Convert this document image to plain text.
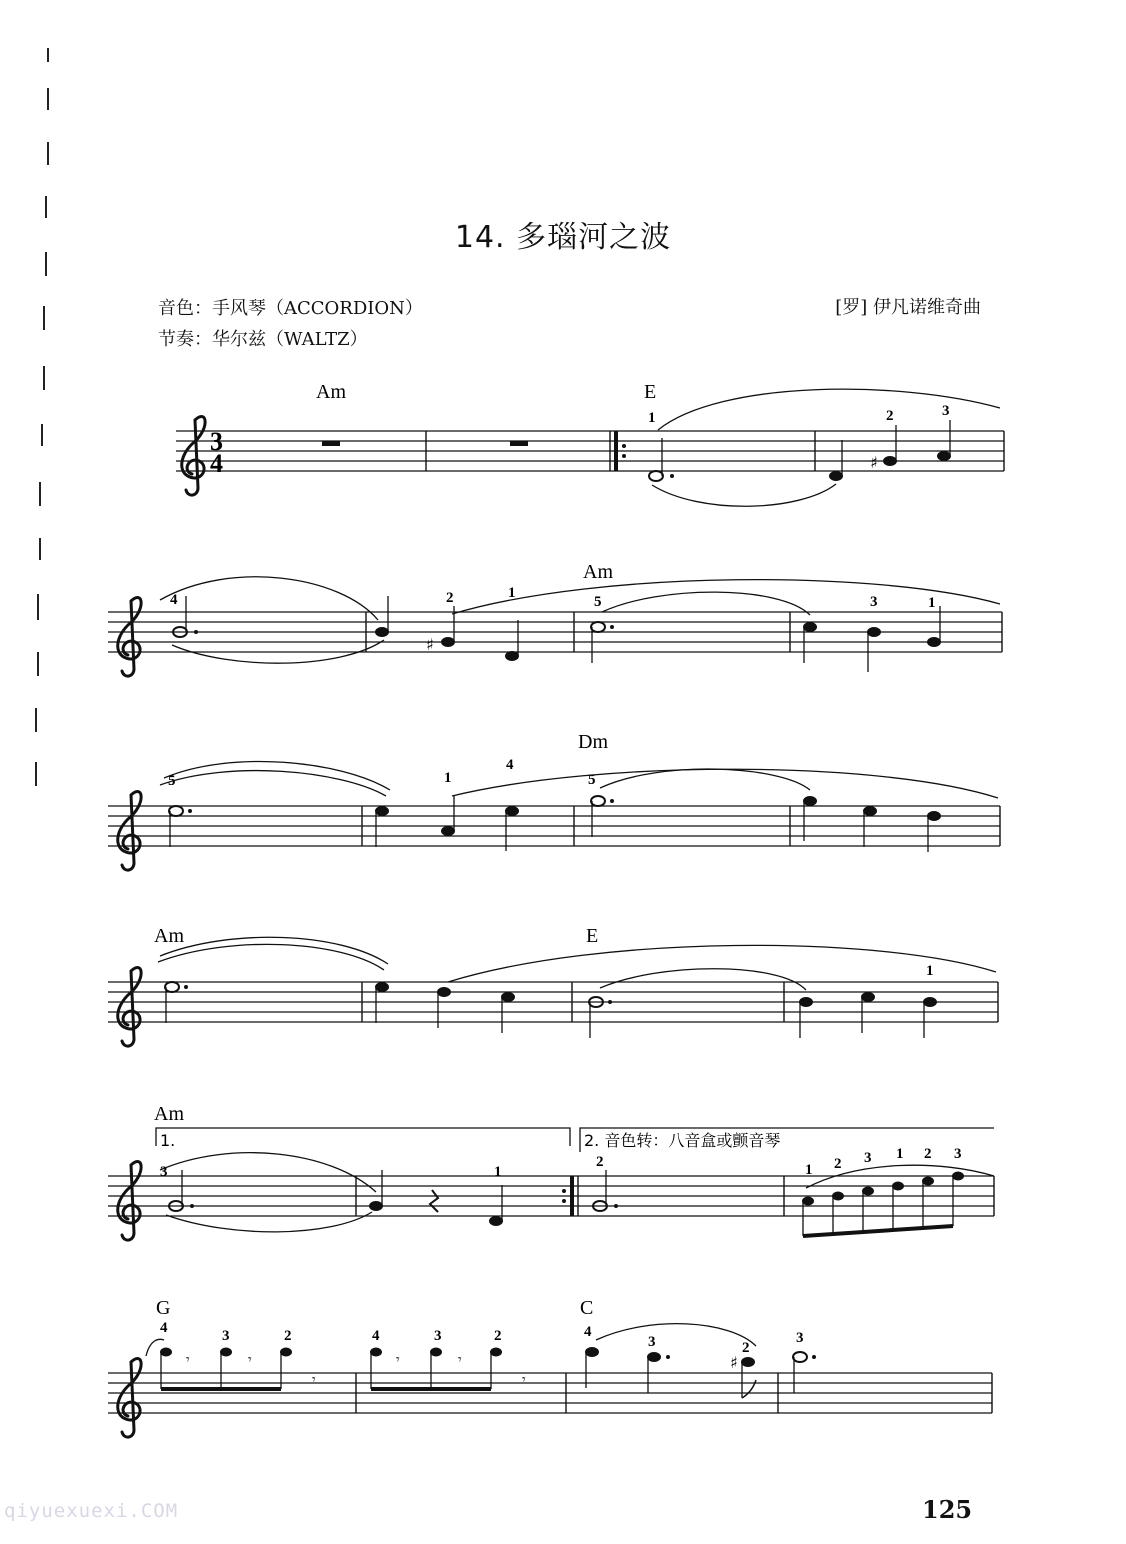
14. 多瑙河之波
音色：手风琴（ACCORDION）
节奏：华尔兹（WALTZ）
[罗] 伊凡诺维奇曲
3
4
Am	E
♯
1	2	3
Am
♯
4	2	1
5	3	1
Dm
5	1
4
5
Am	E
1
Am
1.	2. 音色转：八音盒或颤音琴
3	1
2	1 2 3 1 2 3
G	C
𝄾	𝄾
𝄾
𝄾	𝄾
𝄾
♯
4	3	2	4	3	2	4
3	2
3
125
qiyuexuexi.COM
